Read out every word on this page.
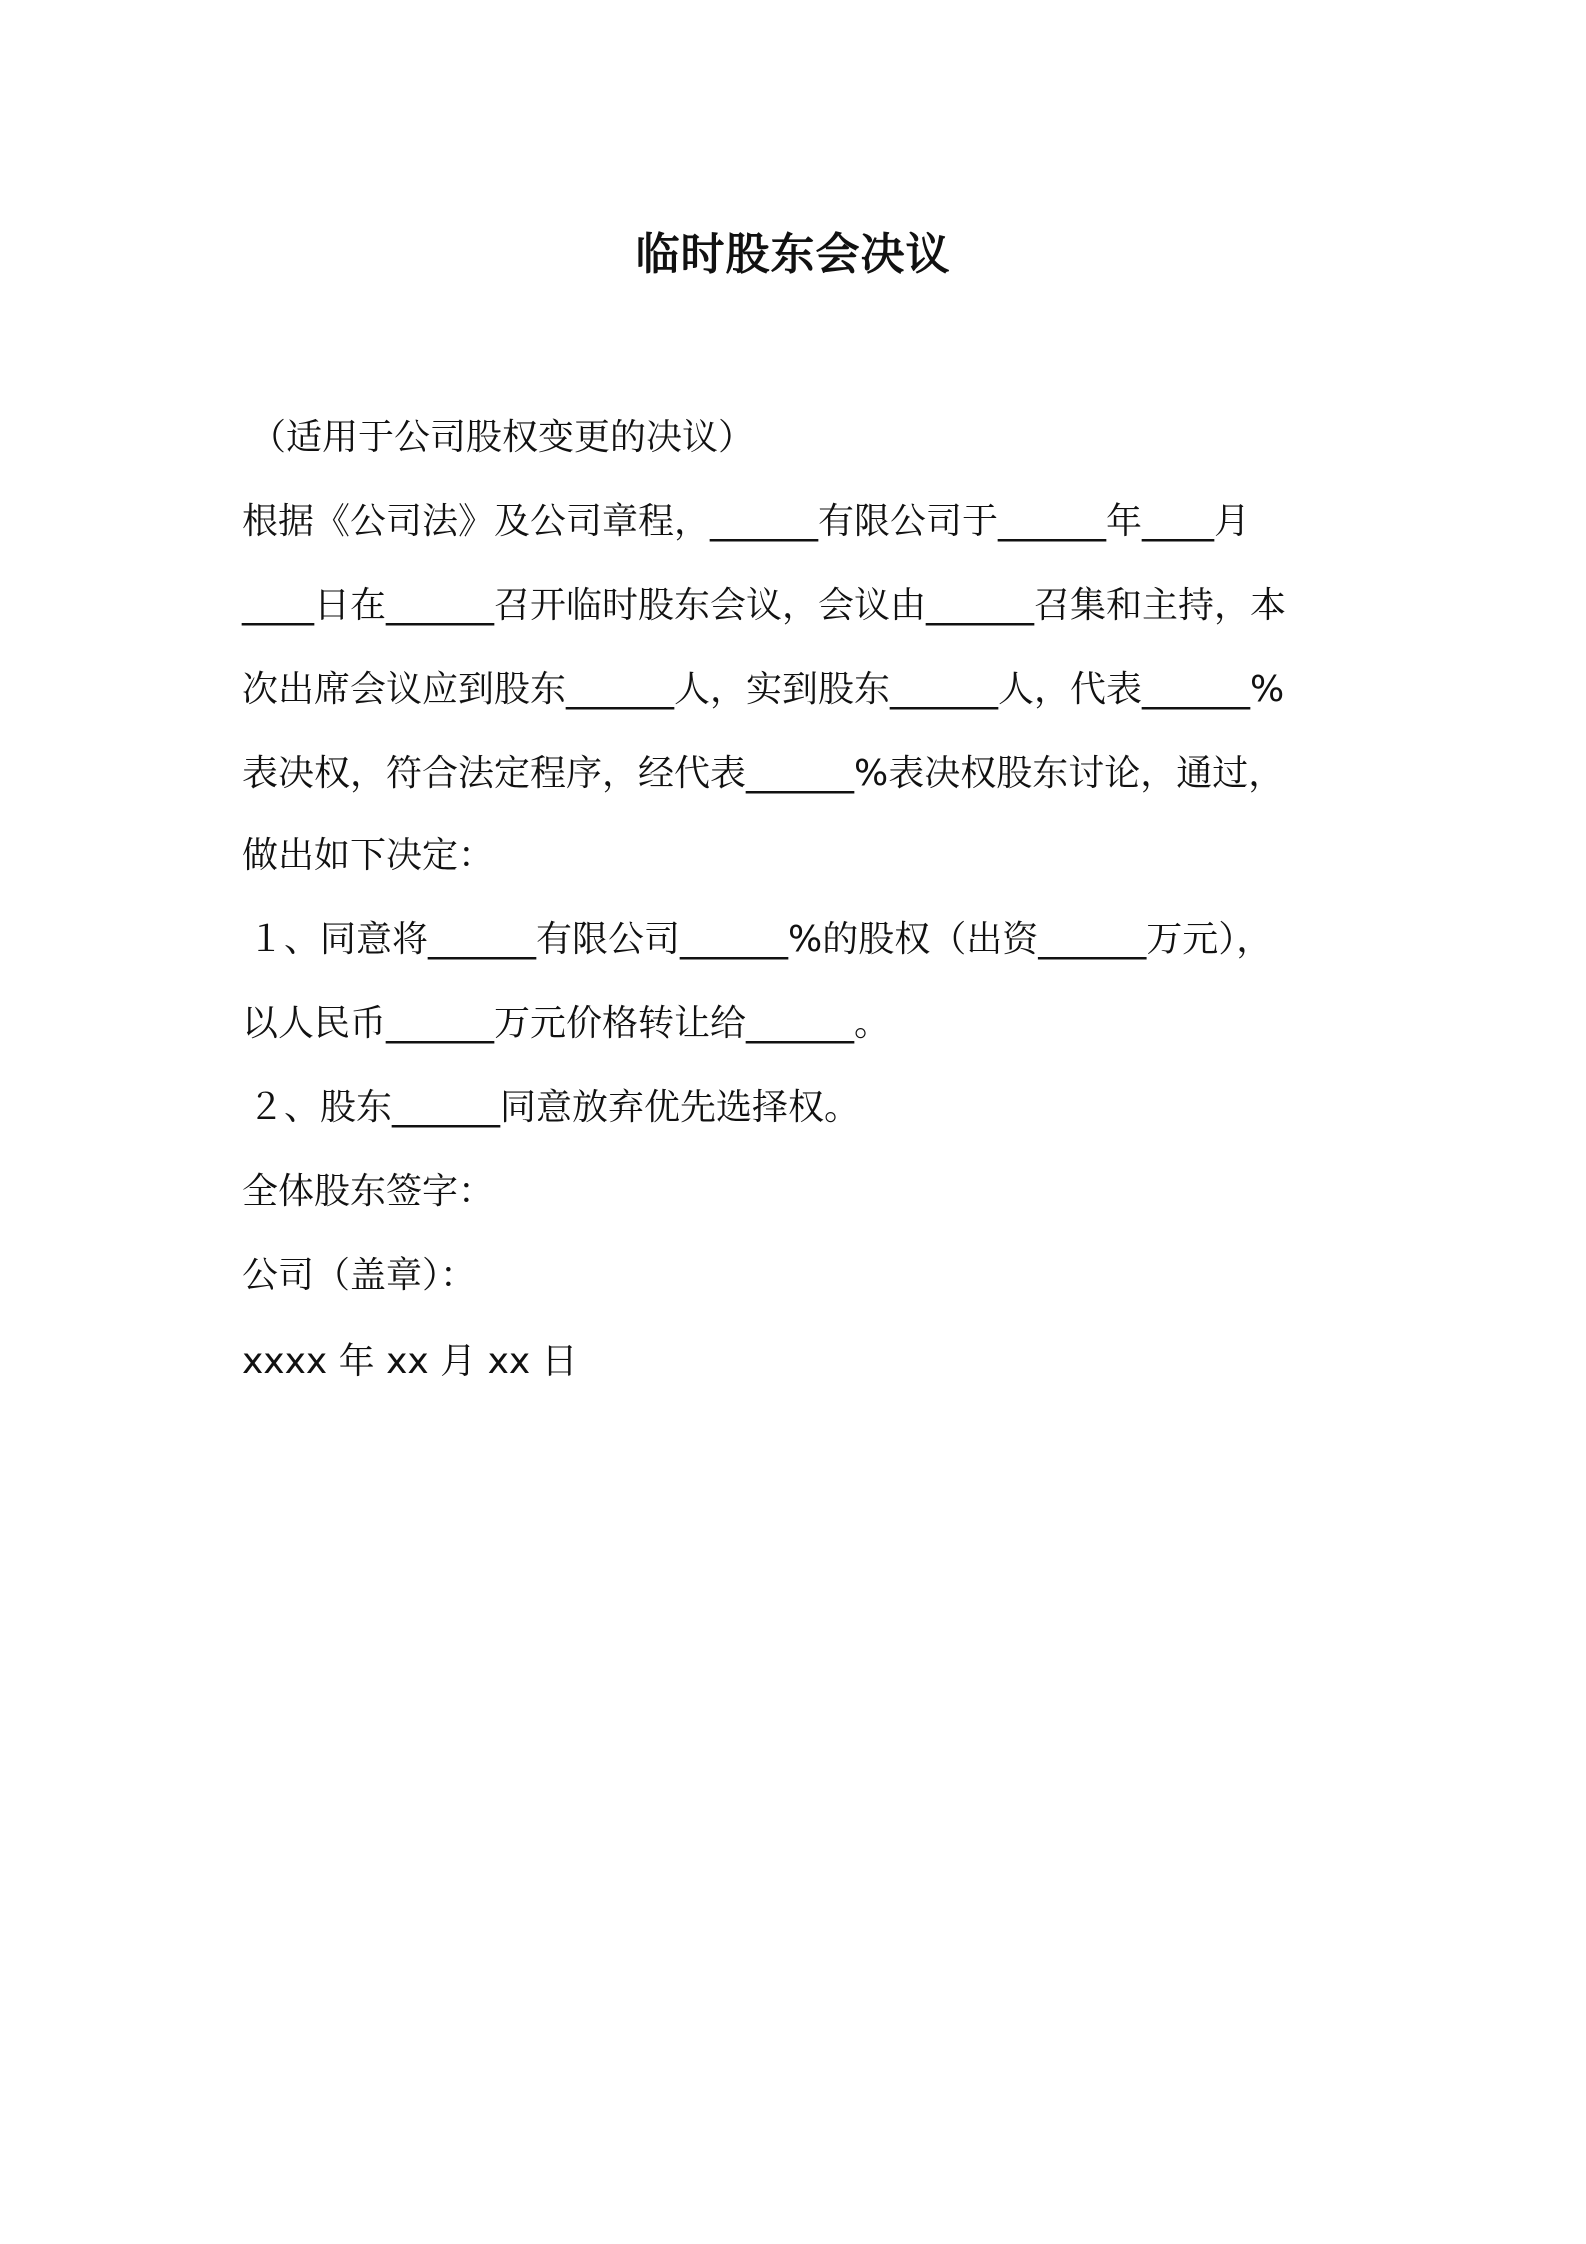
临时股东会决议
（适用于公司股权变更的决议）
根据《公司法》及公司章程，______有限公司于______年____月
____日在______召开临时股东会议，会议由______召集和主持，本
次出席会议应到股东______人，实到股东______人，代表______%
表决权，符合法定程序，经代表______%表决权股东讨论，通过，
做出如下决定：
１、同意将______有限公司______%的股权（出资______万元），
以人民币______万元价格转让给______。
２、股东______同意放弃优先选择权。
全体股东签字：
公司（盖章）：
xxxx 年 xx 月 xx 日
